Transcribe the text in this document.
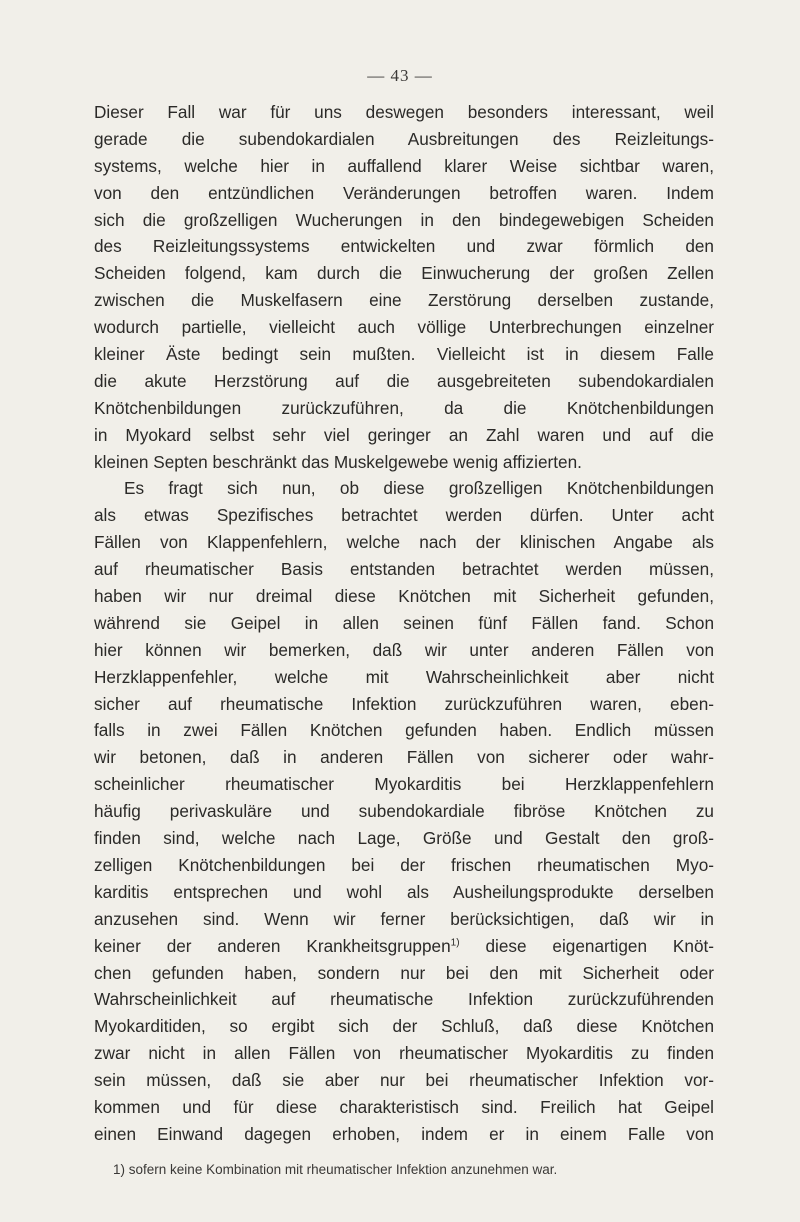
— 43 —
Dieser Fall war für uns deswegen besonders interessant, weil
gerade die subendokardialen Ausbreitungen des Reizleitungs-
systems, welche hier in auffallend klarer Weise sichtbar waren,
von den entzündlichen Veränderungen betroffen waren. Indem
sich die großzelligen Wucherungen in den bindegewebigen Scheiden
des Reizleitungssystems entwickelten und zwar förmlich den
Scheiden folgend, kam durch die Einwucherung der großen Zellen
zwischen die Muskelfasern eine Zerstörung derselben zustande,
wodurch partielle, vielleicht auch völlige Unterbrechungen einzelner
kleiner Äste bedingt sein mußten. Vielleicht ist in diesem Falle
die akute Herzstörung auf die ausgebreiteten subendokardialen
Knötchenbildungen zurückzuführen, da die Knötchenbildungen
in Myokard selbst sehr viel geringer an Zahl waren und auf die
kleinen Septen beschränkt das Muskelgewebe wenig affizierten.
Es fragt sich nun, ob diese großzelligen Knötchenbildungen
als etwas Spezifisches betrachtet werden dürfen. Unter acht
Fällen von Klappenfehlern, welche nach der klinischen Angabe als
auf rheumatischer Basis entstanden betrachtet werden müssen,
haben wir nur dreimal diese Knötchen mit Sicherheit gefunden,
während sie Geipel in allen seinen fünf Fällen fand. Schon
hier können wir bemerken, daß wir unter anderen Fällen von
Herzklappenfehler, welche mit Wahrscheinlichkeit aber nicht
sicher auf rheumatische Infektion zurückzuführen waren, eben-
falls in zwei Fällen Knötchen gefunden haben. Endlich müssen
wir betonen, daß in anderen Fällen von sicherer oder wahr-
scheinlicher rheumatischer Myokarditis bei Herzklappenfehlern
häufig perivaskuläre und subendokardiale fibröse Knötchen zu
finden sind, welche nach Lage, Größe und Gestalt den groß-
zelligen Knötchenbildungen bei der frischen rheumatischen Myo-
karditis entsprechen und wohl als Ausheilungsprodukte derselben
anzusehen sind. Wenn wir ferner berücksichtigen, daß wir in
keiner der anderen Krankheitsgruppen$^{1)}$ diese eigenartigen Knöt-
chen gefunden haben, sondern nur bei den mit Sicherheit oder
Wahrscheinlichkeit auf rheumatische Infektion zurückzuführenden
Myokarditiden, so ergibt sich der Schluß, daß diese Knötchen
zwar nicht in allen Fällen von rheumatischer Myokarditis zu finden
sein müssen, daß sie aber nur bei rheumatischer Infektion vor-
kommen und für diese charakteristisch sind. Freilich hat Geipel
einen Einwand dagegen erhoben, indem er in einem Falle von
1) sofern keine Kombination mit rheumatischer Infektion anzunehmen war.
